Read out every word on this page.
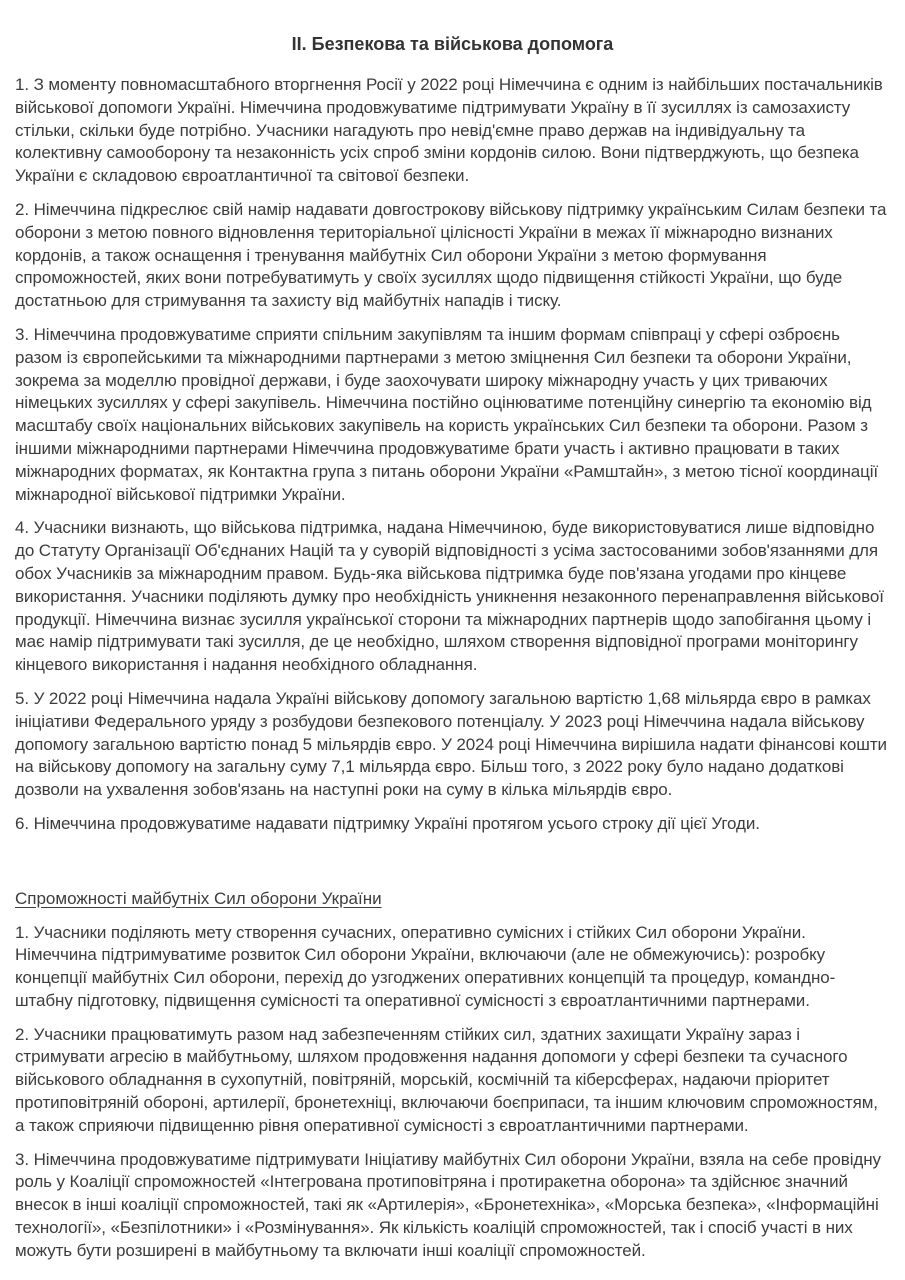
II. Безпекова та військова допомога

1. З моменту повномасштабного вторгнення Росії у 2022 році Німеччина є одним із найбільших постачальників військової допомоги Україні. Німеччина продовжуватиме підтримувати Україну в її зусиллях із самозахисту стільки, скільки буде потрібно. Учасники нагадують про невід'ємне право держав на індивідуальну та колективну самооборону та незаконність усіх спроб зміни кордонів силою. Вони підтверджують, що безпека України є складовою євроатлантичної та світової безпеки.

2. Німеччина підкреслює свій намір надавати довгострокову військову підтримку українським Силам безпеки та оборони з метою повного відновлення територіальної цілісності України в межах її міжнародно визнаних кордонів, а також оснащення і тренування майбутніх Сил оборони України з метою формування спроможностей, яких вони потребуватимуть у своїх зусиллях щодо підвищення стійкості України, що буде достатньою для стримування та захисту від майбутніх нападів і тиску.

3. Німеччина продовжуватиме сприяти спільним закупівлям та іншим формам співпраці у сфері озброєнь разом із європейськими та міжнародними партнерами з метою зміцнення Сил безпеки та оборони України, зокрема за моделлю провідної держави, і буде заохочувати широку міжнародну участь у цих триваючих німецьких зусиллях у сфері закупівель. Німеччина постійно оцінюватиме потенційну синергію та економію від масштабу своїх національних військових закупівель на користь українських Сил безпеки та оборони. Разом з іншими міжнародними партнерами Німеччина продовжуватиме брати участь і активно працювати в таких міжнародних форматах, як Контактна група з питань оборони України «Рамштайн», з метою тісної координації міжнародної військової підтримки України.

4. Учасники визнають, що військова підтримка, надана Німеччиною, буде використовуватися лише відповідно до Статуту Організації Об'єднаних Націй та у суворій відповідності з усіма застосованими зобов'язаннями для обох Учасників за міжнародним правом. Будь-яка військова підтримка буде пов'язана угодами про кінцеве використання. Учасники поділяють думку про необхідність уникнення незаконного перенаправлення військової продукції. Німеччина визнає зусилля української сторони та міжнародних партнерів щодо запобігання цьому і має намір підтримувати такі зусилля, де це необхідно, шляхом створення відповідної програми моніторингу кінцевого використання і надання необхідного обладнання.

5. У 2022 році Німеччина надала Україні військову допомогу загальною вартістю 1,68 мільярда євро в рамках ініціативи Федерального уряду з розбудови безпекового потенціалу. У 2023 році Німеччина надала військову допомогу загальною вартістю понад 5 мільярдів євро. У 2024 році Німеччина вирішила надати фінансові кошти на військову допомогу на загальну суму 7,1 мільярда євро. Більш того, з 2022 року було надано додаткові дозволи на ухвалення зобов'язань на наступні роки на суму в кілька мільярдів євро.

6. Німеччина продовжуватиме надавати підтримку Україні протягом усього строку дії цієї Угоди.

Спроможності майбутніх Сил оборони України

1. Учасники поділяють мету створення сучасних, оперативно сумісних і стійких Сил оборони України. Німеччина підтримуватиме розвиток Сил оборони України, включаючи (але не обмежуючись): розробку концепції майбутніх Сил оборони, перехід до узгоджених оперативних концепцій та процедур, командно-штабну підготовку, підвищення сумісності та оперативної сумісності з євроатлантичними партнерами.

2. Учасники працюватимуть разом над забезпеченням стійких сил, здатних захищати Україну зараз і стримувати агресію в майбутньому, шляхом продовження надання допомоги у сфері безпеки та сучасного військового обладнання в сухопутній, повітряній, морській, космічній та кіберсферах, надаючи пріоритет протиповітряній обороні, артилерії, бронетехніці, включаючи боєприпаси, та іншим ключовим спроможностям, а також сприяючи підвищенню рівня оперативної сумісності з євроатлантичними партнерами.

3. Німеччина продовжуватиме підтримувати Ініціативу майбутніх Сил оборони України, взяла на себе провідну роль у Коаліції спроможностей «Інтегрована протиповітряна і протиракетна оборона» та здійснює значний внесок в інші коаліції спроможностей, такі як «Артилерія», «Бронетехніка», «Морська безпека», «Інформаційні технології», «Безпілотники» і «Розмінування». Як кількість коаліцій спроможностей, так і спосіб участі в них можуть бути розширені в майбутньому та включати інші коаліції спроможностей.
